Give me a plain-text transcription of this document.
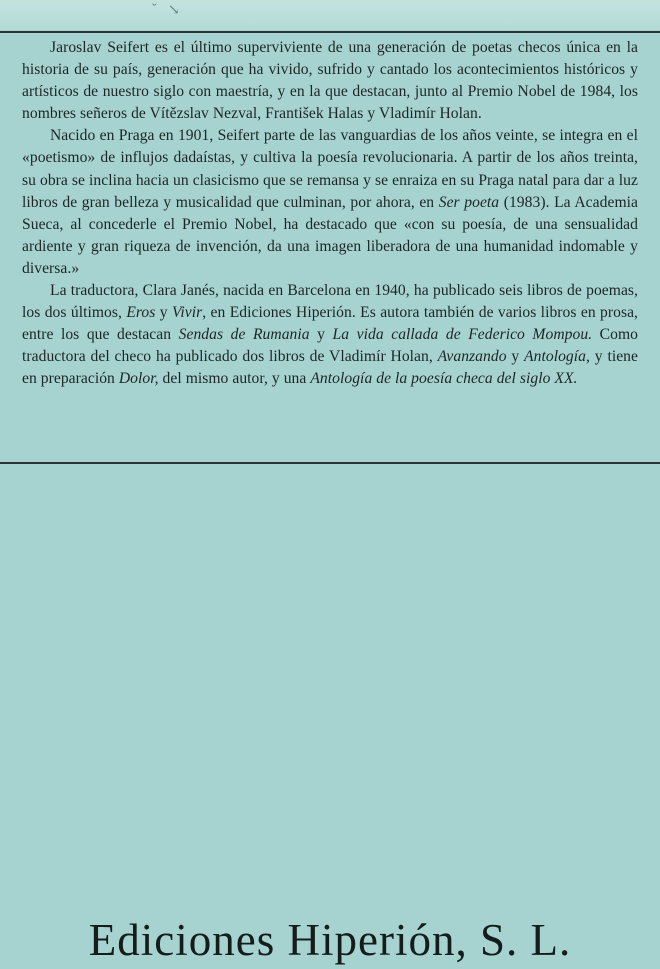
ˇ ↘

Jaroslav Seifert es el último superviviente de una generación de poetas checos única en la historia de su país, generación que ha vivido, sufrido y cantado los acontecimientos históricos y artísticos de nuestro siglo con maestría, y en la que destacan, junto al Premio Nobel de 1984, los nombres señeros de Vítězslav Nezval, František Halas y Vladimír Holan.

Nacido en Praga en 1901, Seifert parte de las vanguardias de los años veinte, se integra en el «poetismo» de influjos dadaístas, y cultiva la poesía revolucionaria. A partir de los años treinta, su obra se inclina hacia un clasicismo que se remansa y se enraiza en su Praga natal para dar a luz libros de gran belleza y musicalidad que culminan, por ahora, en Ser poeta (1983). La Academia Sueca, al concederle el Premio Nobel, ha destacado que «con su poesía, de una sensualidad ardiente y gran riqueza de invención, da una imagen liberadora de una humanidad indomable y diversa.»

La traductora, Clara Janés, nacida en Barcelona en 1940, ha publicado seis libros de poemas, los dos últimos, Eros y Vivir, en Ediciones Hiperión. Es autora también de varios libros en prosa, entre los que destacan Sendas de Rumania y La vida callada de Federico Mompou. Como traductora del checo ha publicado dos libros de Vladimír Holan, Avanzando y Antología, y tiene en preparación Dolor, del mismo autor, y una Antología de la poesía checa del siglo XX.

Ediciones Hiperión, S. L.
